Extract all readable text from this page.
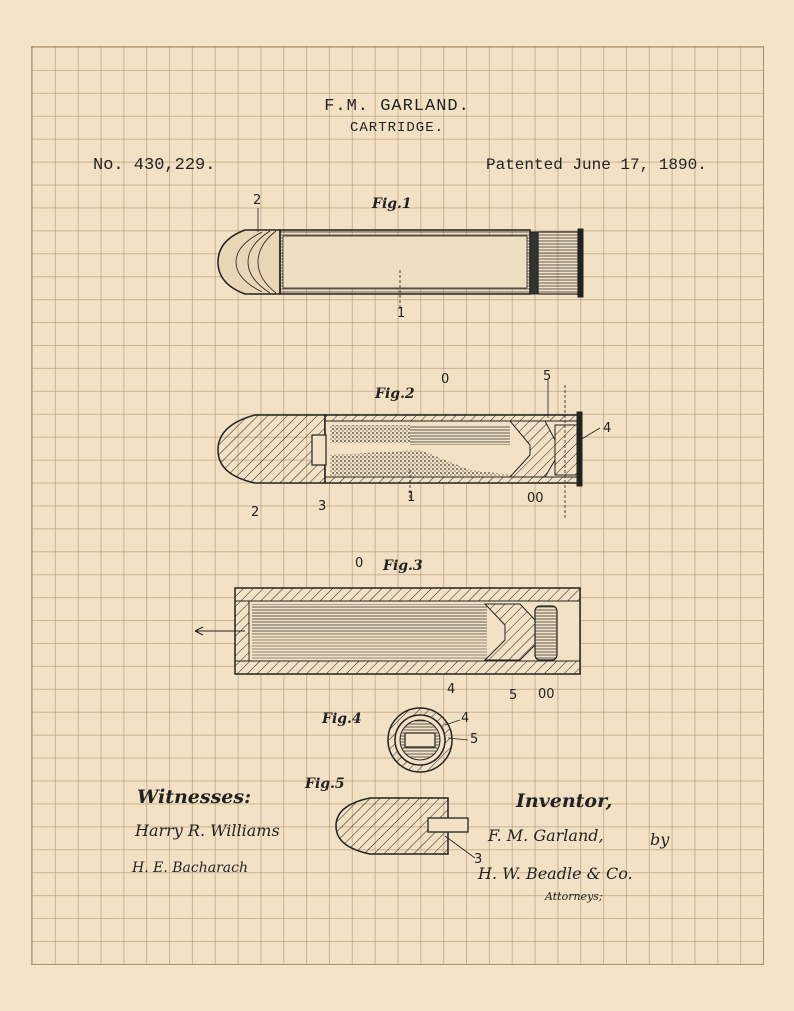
F.M. GARLAND.
CARTRIDGE.
No. 430,229.	Patented June 17, 1890.
Fig.1
Fig.2
Fig.3
Fig.4
Fig.5
2
1
0	5
4
2	3
1	00
0
4	5 00
4
5
3
Witnesses:
Harry R. Williams
H. E. Bacharach
Inventor,
F. M. Garland,	by
H. W. Beadle & Co.
Attorneys;
